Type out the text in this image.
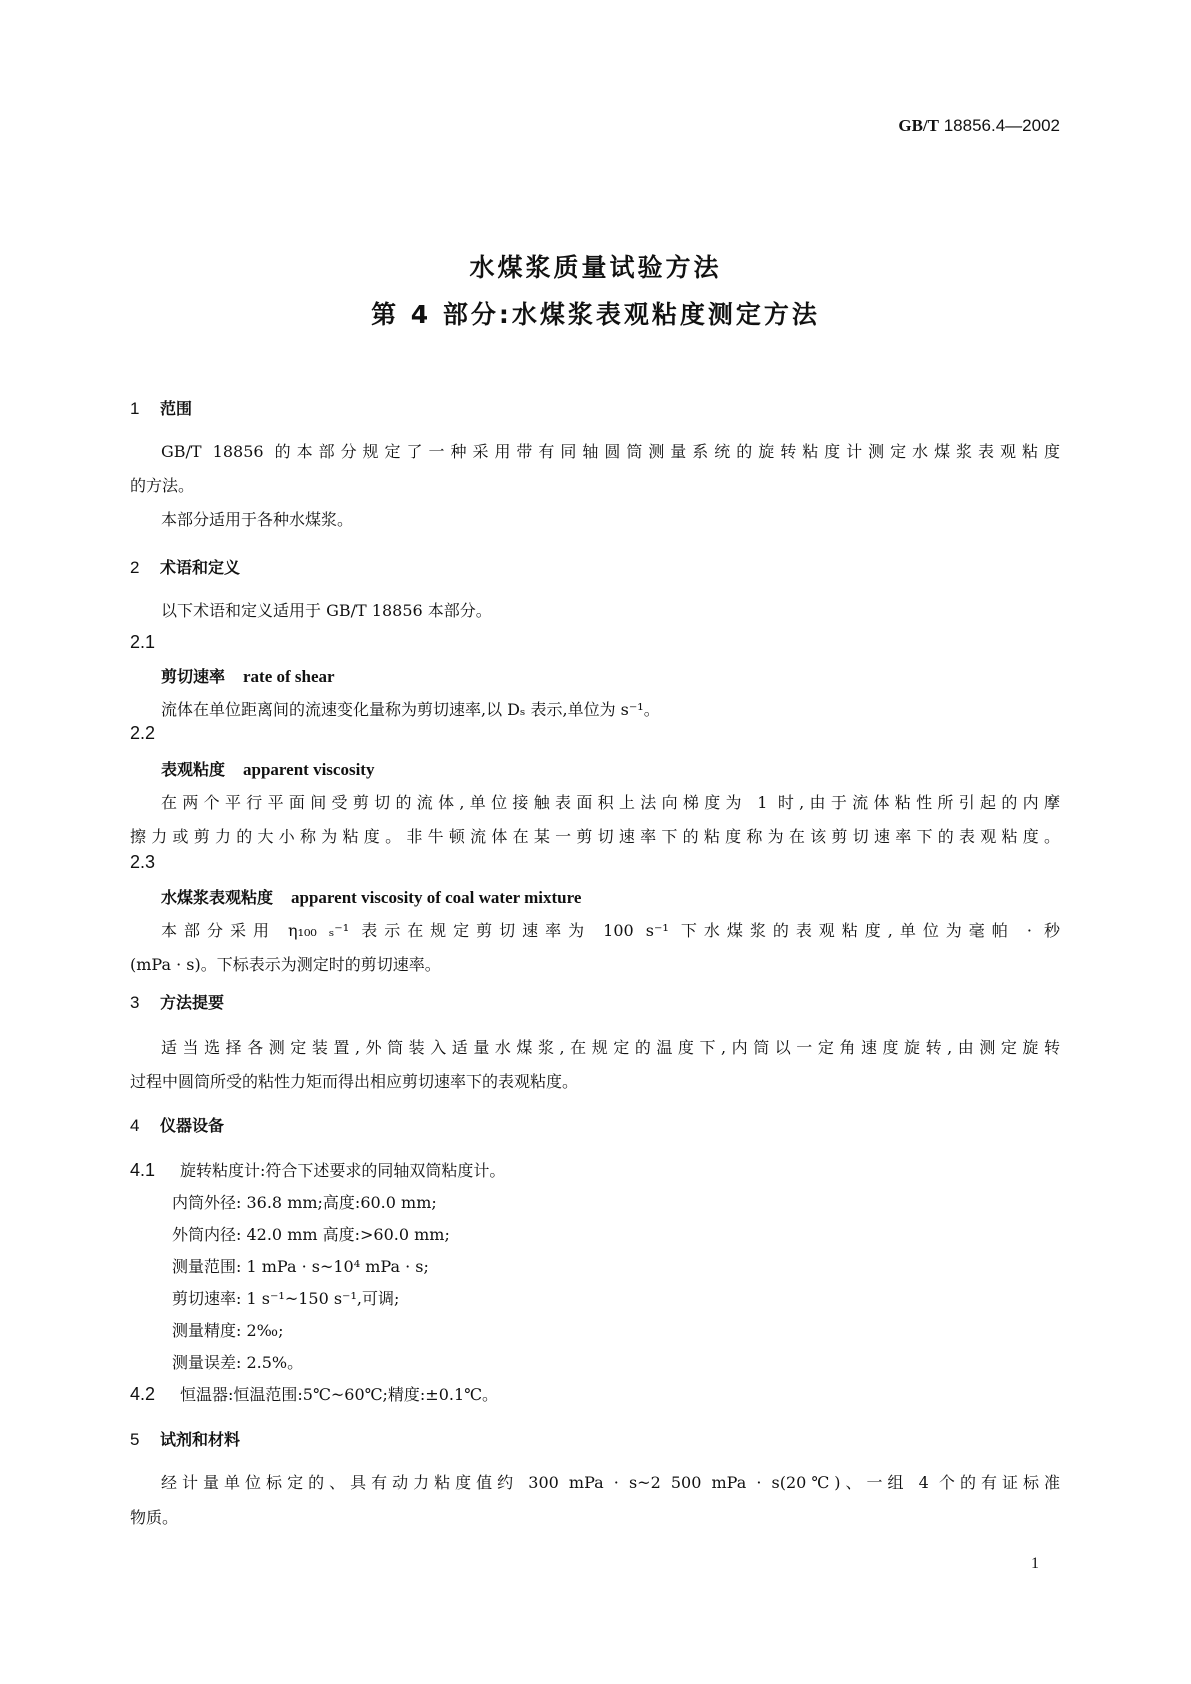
GB/T 18856.4—2002
水煤浆质量试验方法
第 4 部分:水煤浆表观粘度测定方法
1 范围
GB/T 18856 的本部分规定了一种采用带有同轴圆筒测量系统的旋转粘度计测定水煤浆表观粘度
的方法。
本部分适用于各种水煤浆。
2 术语和定义
以下术语和定义适用于 GB/T 18856 本部分。
2.1
剪切速率 rate of shear
流体在单位距离间的流速变化量称为剪切速率,以 Dₛ 表示,单位为 s⁻¹。
2.2
表观粘度 apparent viscosity
在两个平行平面间受剪切的流体,单位接触表面积上法向梯度为 1 时,由于流体粘性所引起的内摩
擦力或剪力的大小称为粘度。非牛顿流体在某一剪切速率下的粘度称为在该剪切速率下的表观粘度。
2.3
水煤浆表观粘度 apparent viscosity of coal water mixture
本部分采用 η₁₀₀ ₛ⁻¹ 表示在规定剪切速率为 100 s⁻¹ 下水煤浆的表观粘度,单位为毫帕 · 秒
(mPa · s)。下标表示为测定时的剪切速率。
3 方法提要
适当选择各测定装置,外筒装入适量水煤浆,在规定的温度下,内筒以一定角速度旋转,由测定旋转
过程中圆筒所受的粘性力矩而得出相应剪切速率下的表观粘度。
4 仪器设备
4.1 旋转粘度计:符合下述要求的同轴双筒粘度计。
内筒外径: 36.8 mm;高度:60.0 mm;
外筒内径: 42.0 mm 高度:>60.0 mm;
测量范围: 1 mPa · s~10⁴ mPa · s;
剪切速率: 1 s⁻¹~150 s⁻¹,可调;
测量精度: 2‰;
测量误差: 2.5%。
4.2 恒温器:恒温范围:5℃~60℃;精度:±0.1℃。
5 试剂和材料
经计量单位标定的、具有动力粘度值约 300 mPa · s~2 500 mPa · s(20℃)、一组 4 个的有证标准
物质。
1
